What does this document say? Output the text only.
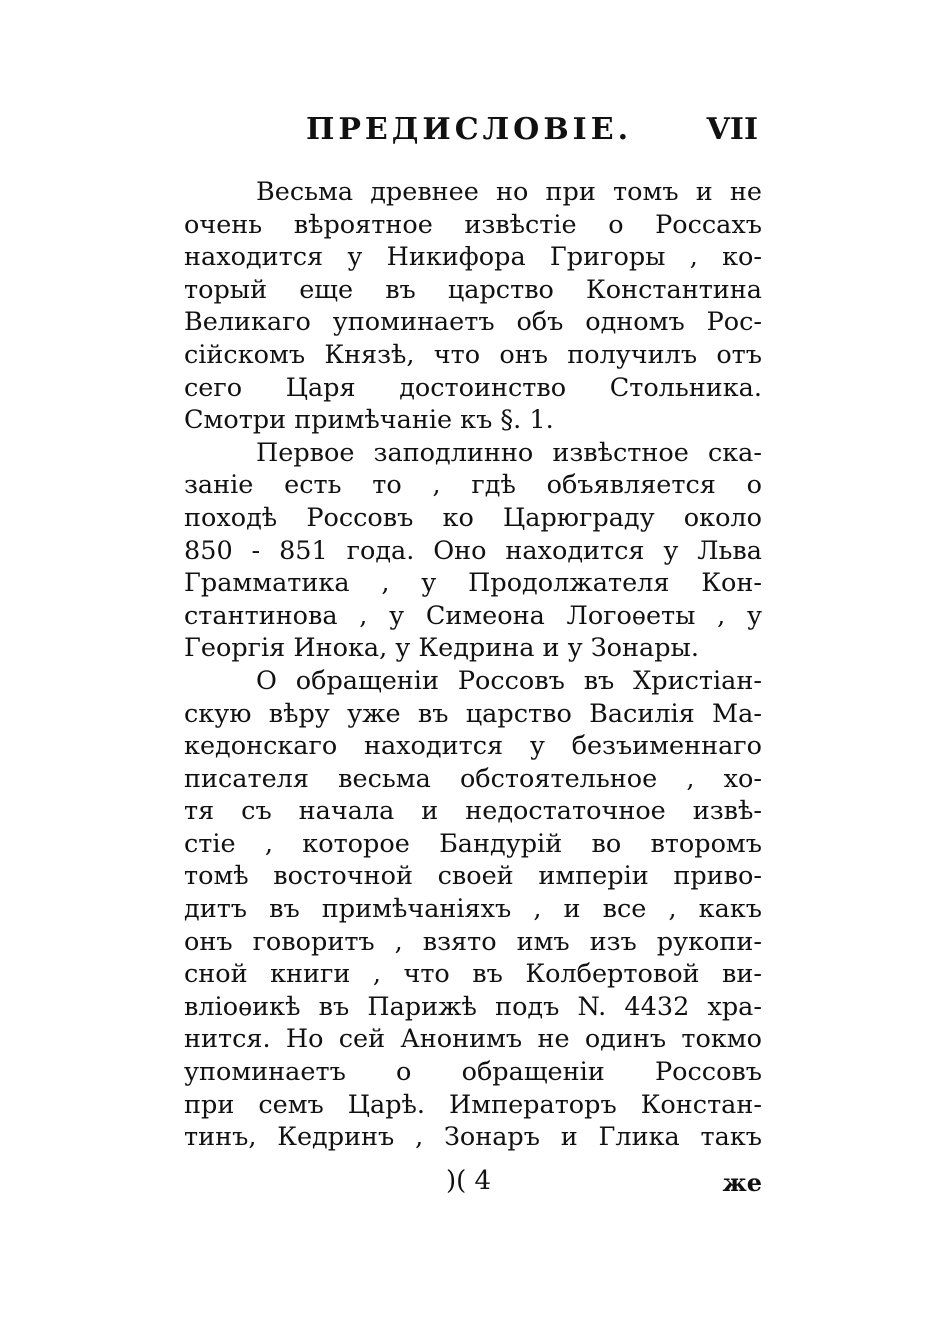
ПРЕДИСЛОВІЕ. VII
Весьма древнее но при томъ и не
очень вѣроятное извѣстіе о Россахъ
находится у Никифора Григоры , ко-
торый еще въ царство Константина
Великаго упоминаетъ объ одномъ Рос-
сійскомъ Князѣ, что онъ получилъ отъ
сего Царя достоинство Стольника.
Смотри примѣчаніе къ §. 1.
Первое заподлинно извѣстное ска-
заніе есть то , гдѣ объявляется о
походѣ Россовъ ко Царюграду около
850 - 851 года. Оно находится у Льва
Грамматика , у Продолжателя Кон-
стантинова , у Симеона Логоѳеты , у
Георгія Инока, у Кедрина и у Зонары.
О обращеніи Россовъ въ Христіан-
скую вѣру уже въ царство Василія Ма-
кедонскаго находится у безъименнаго
писателя весьма обстоятельное , хо-
тя съ начала и недостаточное извѣ-
стіе , которое Бандурій во второмъ
томѣ восточной своей имперіи приво-
дитъ въ примѣчаніяхъ , и все , какъ
онъ говоритъ , взято имъ изъ рукопи-
сной книги , что въ Колбертовой ви-
вліоѳикѣ въ Парижѣ подъ N. 4432 хра-
нится. Но сей Анонимъ не одинъ токмо
упоминаетъ о обращеніи Россовъ
при семъ Царѣ. Императоръ Констан-
тинъ, Кедринъ , Зонаръ и Глика такъ
)( 4	же
